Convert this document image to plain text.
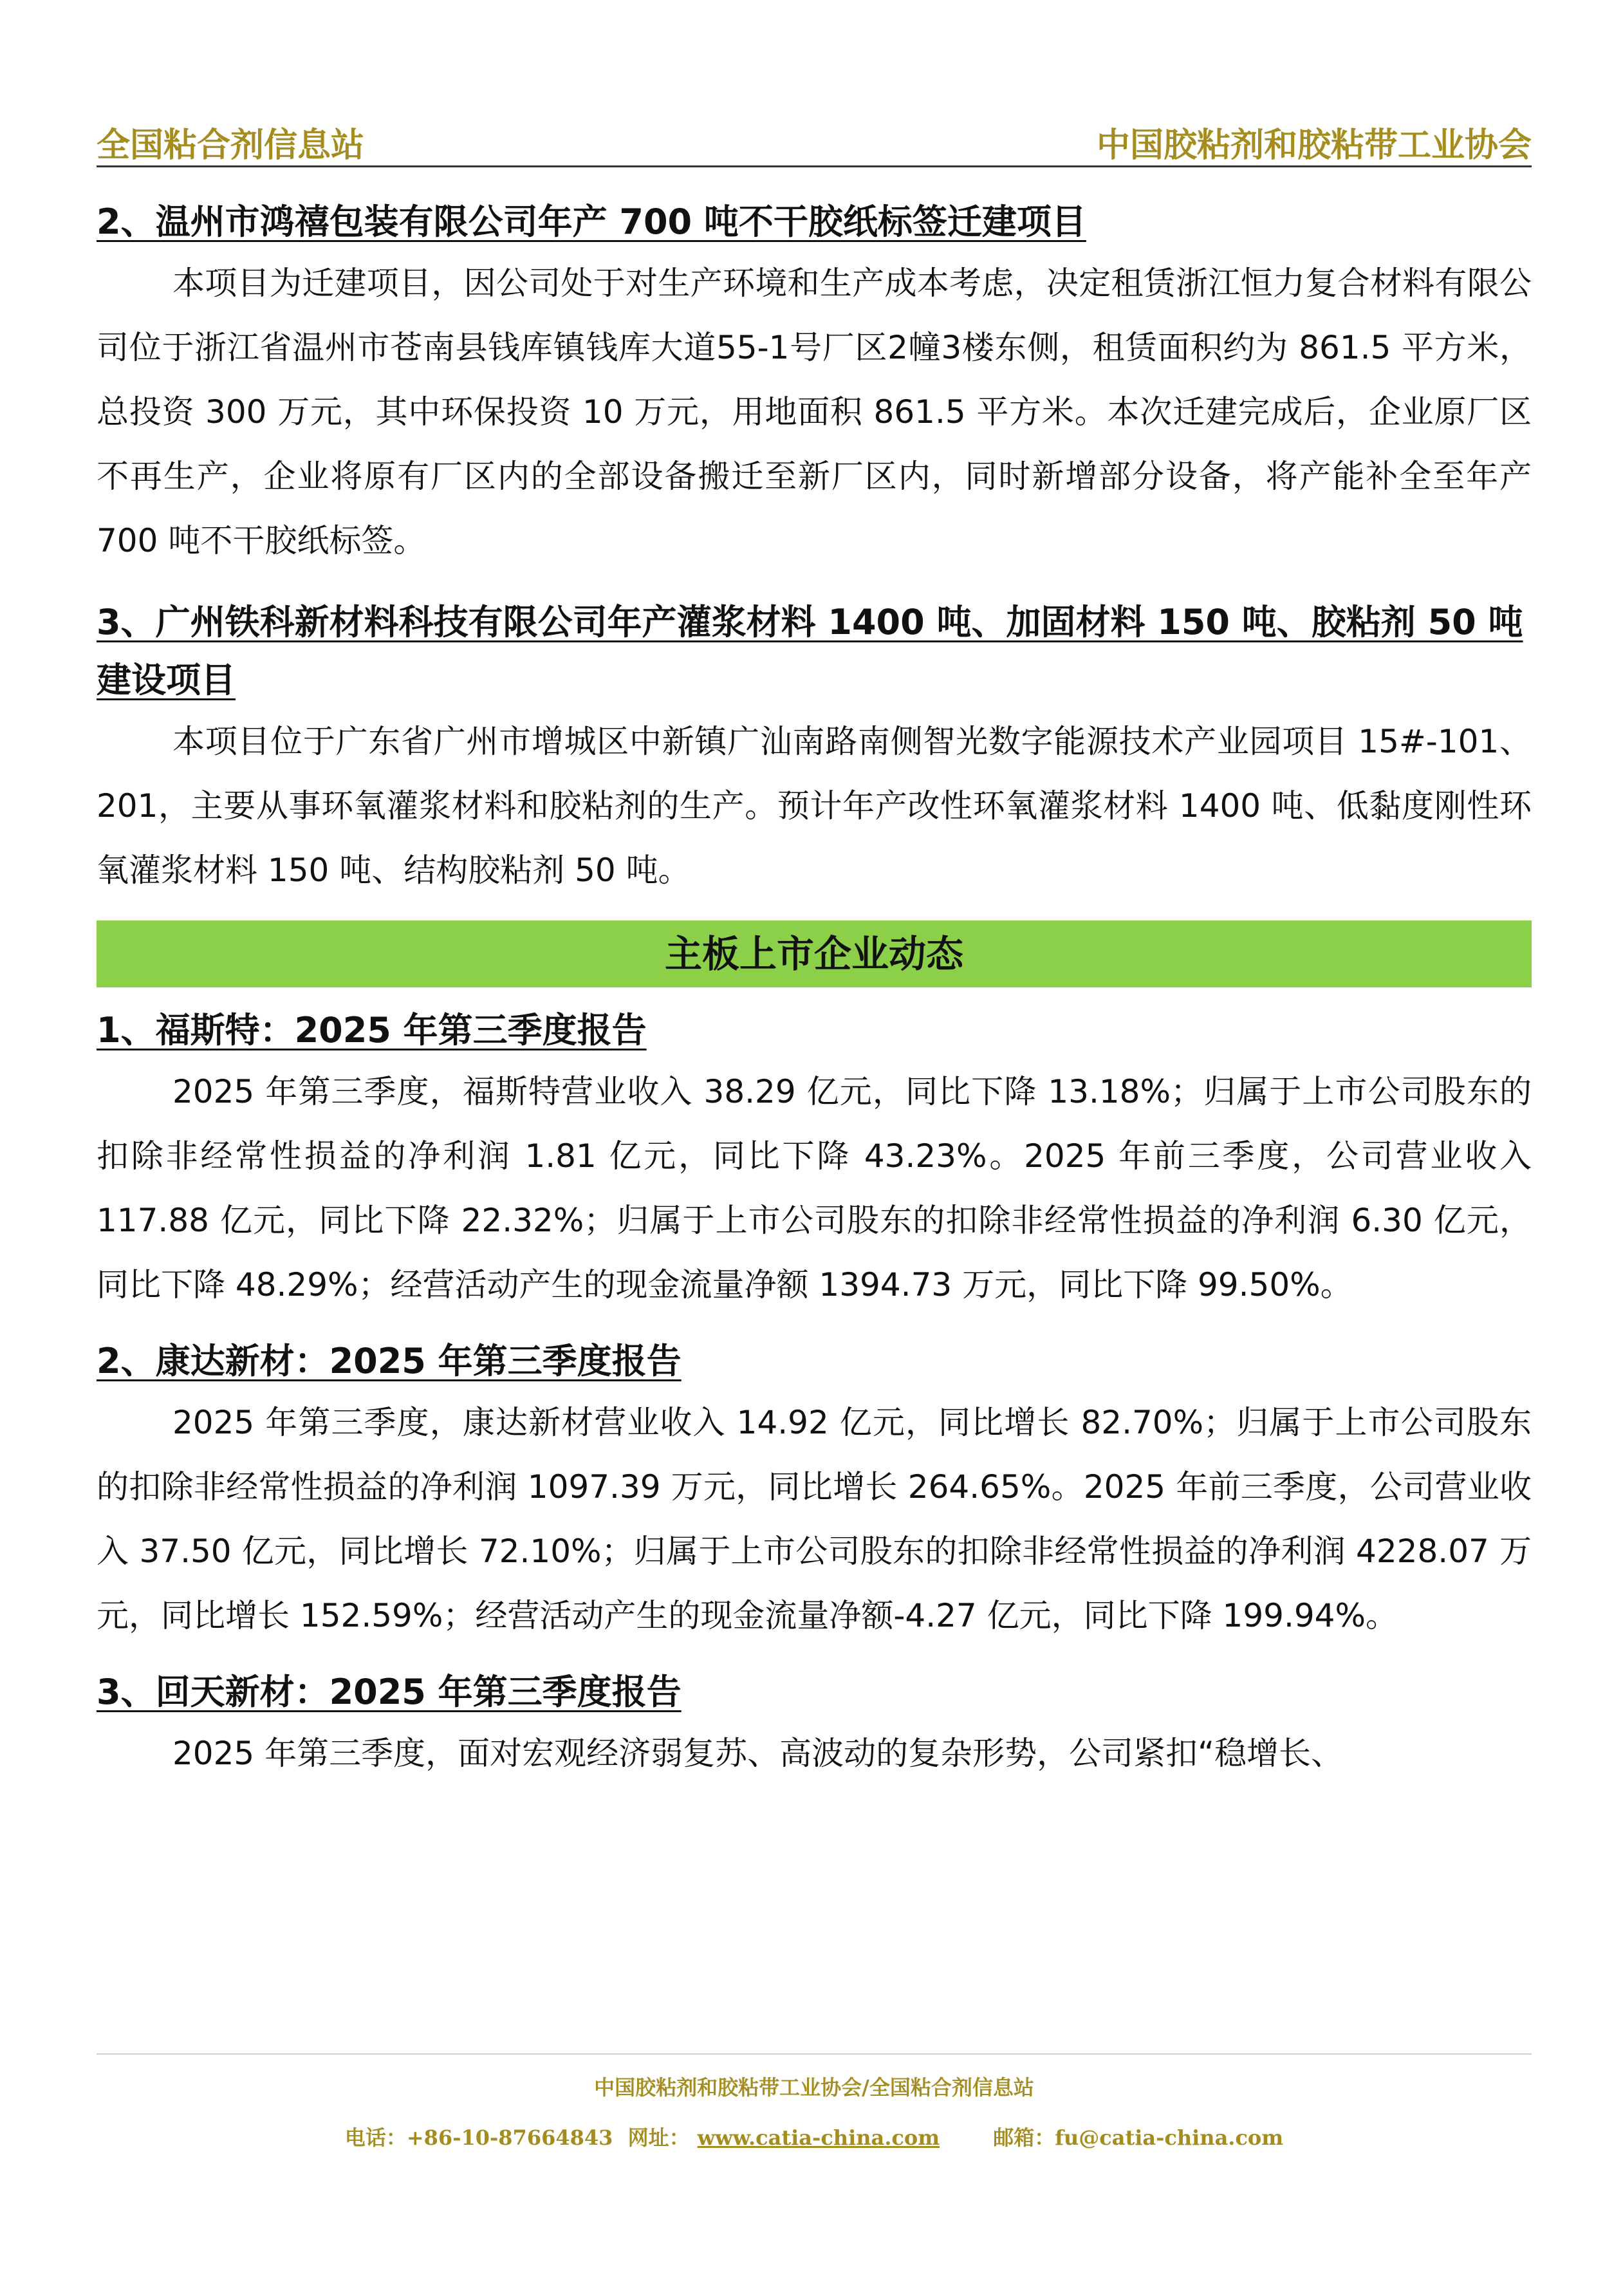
全国粘合剂信息站	中国胶粘剂和胶粘带工业协会

2、温州市鸿禧包装有限公司年产 700 吨不干胶纸标签迁建项目

本项目为迁建项目，因公司处于对生产环境和生产成本考虑，决定租赁浙江恒力复合材料有限公司位于浙江省温州市苍南县钱库镇钱库大道55-1号厂区2幢3楼东侧，租赁面积约为 861.5 平方米，总投资 300 万元，其中环保投资 10 万元，用地面积 861.5 平方米。本次迁建完成后，企业原厂区不再生产，企业将原有厂区内的全部设备搬迁至新厂区内，同时新增部分设备，将产能补全至年产 700 吨不干胶纸标签。

3、广州铁科新材料科技有限公司年产灌浆材料 1400 吨、加固材料 150 吨、胶粘剂 50 吨建设项目

本项目位于广东省广州市增城区中新镇广汕南路南侧智光数字能源技术产业园项目 15#-101、201，主要从事环氧灌浆材料和胶粘剂的生产。预计年产改性环氧灌浆材料 1400 吨、低黏度刚性环氧灌浆材料 150 吨、结构胶粘剂 50 吨。

主板上市企业动态

1、福斯特：2025 年第三季度报告

2025 年第三季度，福斯特营业收入 38.29 亿元，同比下降 13.18%；归属于上市公司股东的扣除非经常性损益的净利润 1.81 亿元，同比下降 43.23%。2025 年前三季度，公司营业收入 117.88 亿元，同比下降 22.32%；归属于上市公司股东的扣除非经常性损益的净利润 6.30 亿元，同比下降 48.29%；经营活动产生的现金流量净额 1394.73 万元，同比下降 99.50%。

2、康达新材：2025 年第三季度报告

2025 年第三季度，康达新材营业收入 14.92 亿元，同比增长 82.70%；归属于上市公司股东的扣除非经常性损益的净利润 1097.39 万元，同比增长 264.65%。2025 年前三季度，公司营业收入 37.50 亿元，同比增长 72.10%；归属于上市公司股东的扣除非经常性损益的净利润 4228.07 万元，同比增长 152.59%；经营活动产生的现金流量净额-4.27 亿元，同比下降 199.94%。

3、回天新材：2025 年第三季度报告

2025 年第三季度，面对宏观经济弱复苏、高波动的复杂形势，公司紧扣“稳增长、

中国胶粘剂和胶粘带工业协会/全国粘合剂信息站
电话：+86-10-87664843 网址： www.catia-china.com	邮箱：fu@catia-china.com
